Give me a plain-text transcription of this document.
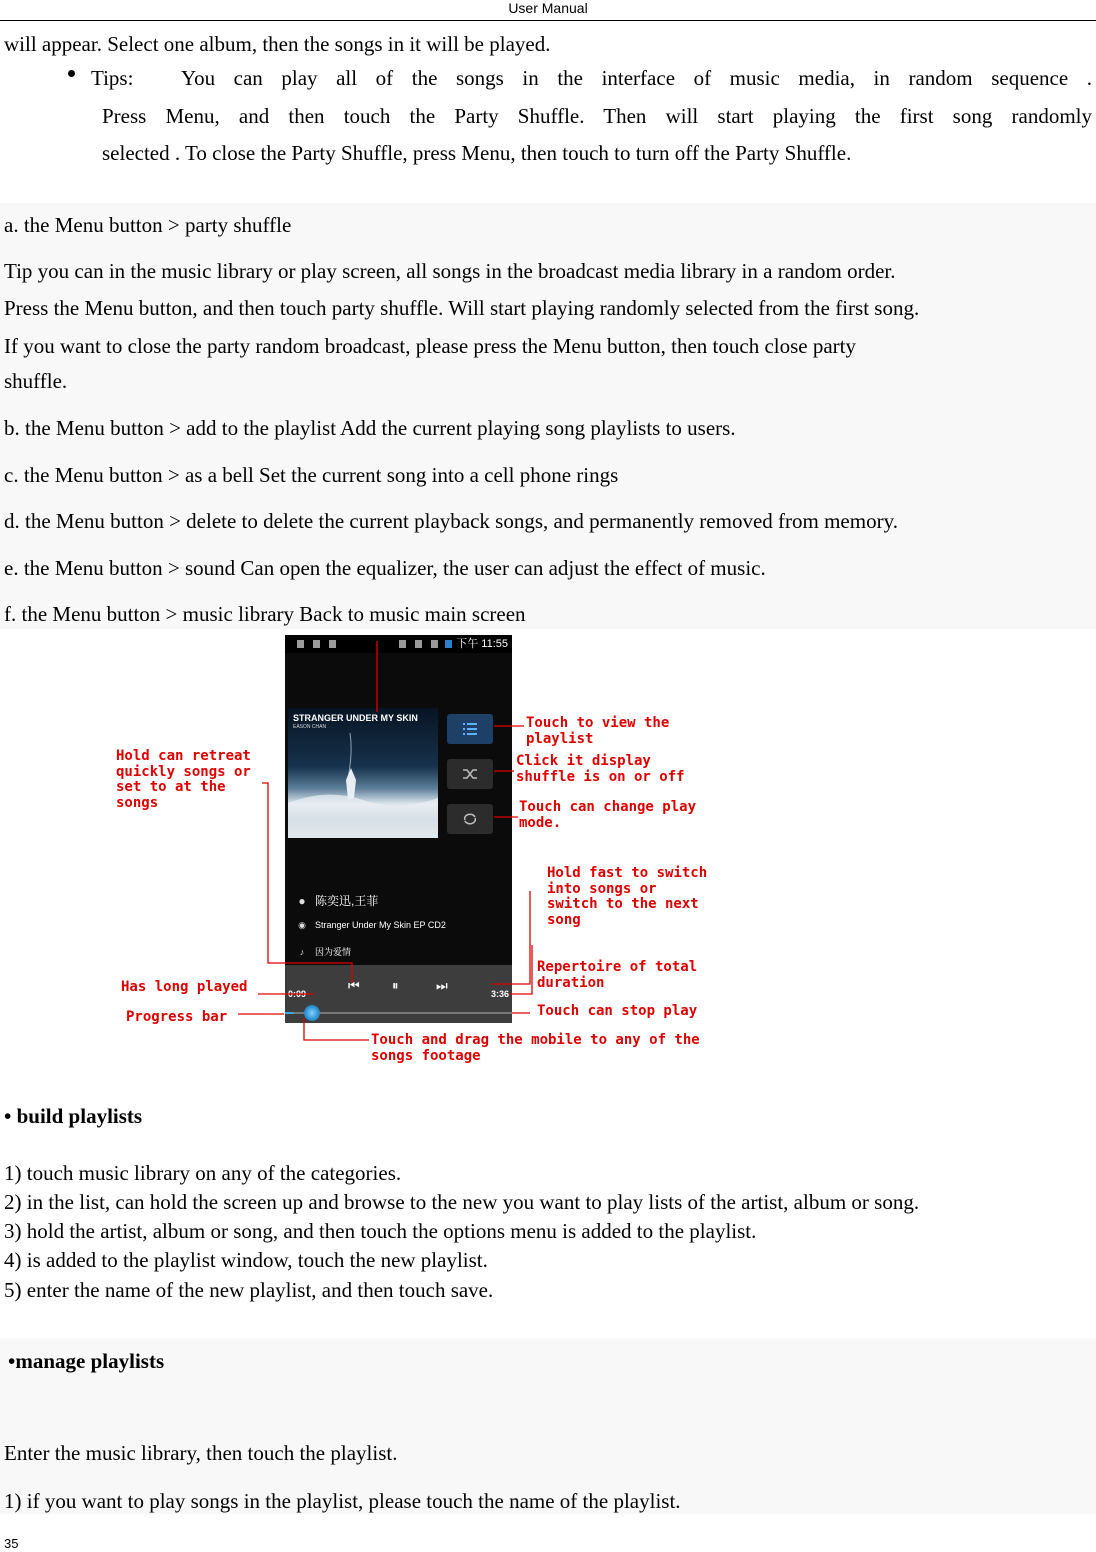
User Manual
will appear. Select one album, then the songs in it will be played.
Tips: You can play all of the songs in the interface of music media, in random sequence .
Press Menu, and then touch the Party Shuffle. Then will start playing the first song randomly
selected . To close the Party Shuffle, press Menu, then touch to turn off the Party Shuffle.
a. the Menu button > party shuffle
Tip you can in the music library or play screen, all songs in the broadcast media library in a random order.
Press the Menu button, and then touch party shuffle. Will start playing randomly selected from the first song.
If you want to close the party random broadcast, please press the Menu button, then touch close party
shuffle.
b. the Menu button > add to the playlist Add the current playing song playlists to users.
c. the Menu button > as a bell Set the current song into a cell phone rings
d. the Menu button > delete to delete the current playback songs, and permanently removed from memory.
e. the Menu button > sound Can open the equalizer, the user can adjust the effect of music.
f. the Menu button > music library Back to music main screen
下午 11:55
STRANGER UNDER MY SKIN
EASON CHAN
● 陈奕迅,王菲
◉ Stranger Under My Skin EP CD2
♪ 因为爱情
0:09	⏮ ⏸	⏭	3:36
Touch to view the
playlist
Click it display
shuffle is on or off
Touch can change play
mode.
Hold can retreat
quickly songs or
set to at the
songs
Hold fast to switch
into songs or
switch to the next
song
Repertoire of total
duration
Has long played
Touch can stop play
Progress bar
Touch and drag the mobile to any of the
songs footage
• build playlists
1) touch music library on any of the categories.
2) in the list, can hold the screen up and browse to the new you want to play lists of the artist, album or song.
3) hold the artist, album or song, and then touch the options menu is added to the playlist.
4) is added to the playlist window, touch the new playlist.
5) enter the name of the new playlist, and then touch save.
•manage playlists
Enter the music library, then touch the playlist.
1) if you want to play songs in the playlist, please touch the name of the playlist.
35
